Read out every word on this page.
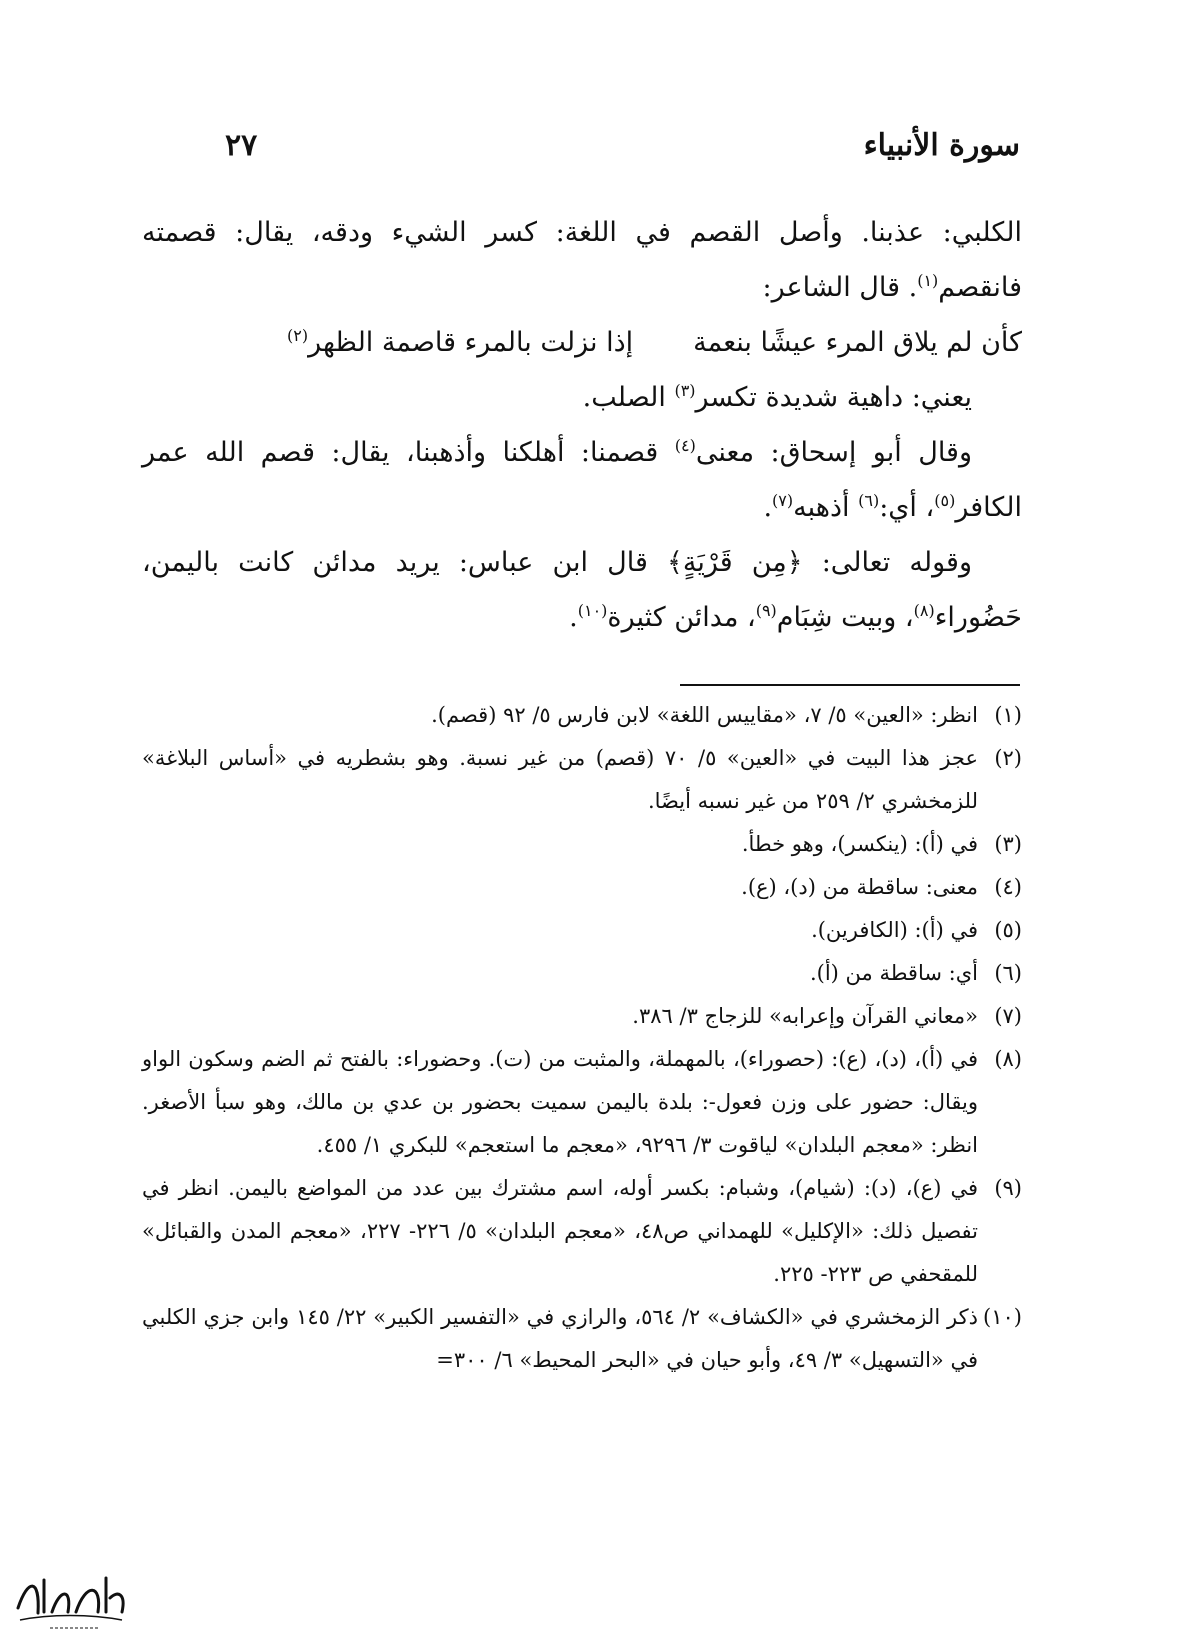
سورة الأنبياء
٢٧

الكلبي: عذبنا. وأصل القصم في اللغة: كسر الشيء ودقه، يقال: قصمته فانقصم$^{(١)}$. قال الشاعر:

كأن لم يلاق المرء عيشًا بنعمةإذا نزلت بالمرء قاصمة الظهر$^{(٢)}$

يعني: داهية شديدة تكسر$^{(٣)}$ الصلب.

وقال أبو إسحاق: معنى$^{(٤)}$ قصمنا: أهلكنا وأذهبنا، يقال: قصم الله عمر الكافر$^{(٥)}$، أي:$^{(٦)}$ أذهبه$^{(٧)}$.

وقوله تعالى: ﴿مِن قَرْيَةٍ﴾ قال ابن عباس: يريد مدائن كانت باليمن، حَضُوراء$^{(٨)}$، وبيت شِبَام$^{(٩)}$، مدائن كثيرة$^{(١٠)}$.

(١)
انظر: «العين» ٥/ ٧، «مقاييس اللغة» لابن فارس ٥/ ٩٢ (قصم).
(٢)
عجز هذا البيت في «العين» ٥/ ٧٠ (قصم) من غير نسبة. وهو بشطريه في «أساس البلاغة» للزمخشري ٢/ ٢٥٩ من غير نسبه أيضًا.
(٣)
في (أ): (ينكسر)، وهو خطأ.
(٤)
معنى: ساقطة من (د)، (ع).
(٥)
في (أ): (الكافرين).
(٦)
أي: ساقطة من (أ).
(٧)
«معاني القرآن وإعرابه» للزجاج ٣/ ٣٨٦.
(٨)
في (أ)، (د)، (ع): (حصوراء)، بالمهملة، والمثبت من (ت). وحضوراء: بالفتح ثم الضم وسكون الواو ويقال: حضور على وزن فعول-: بلدة باليمن سميت بحضور بن عدي بن مالك، وهو سبأ الأصغر. انظر: «معجم البلدان» لياقوت ٣/ ٩٢٩٦، «معجم ما استعجم» للبكري ١/ ٤٥٥.
(٩)
في (ع)، (د): (شيام)، وشبام: بكسر أوله، اسم مشترك بين عدد من المواضع باليمن. انظر في تفصيل ذلك: «الإكليل» للهمداني ص٤٨، «معجم البلدان» ٥/ ٢٢٦- ٢٢٧، «معجم المدن والقبائل» للمقحفي ص ٢٢٣- ٢٢٥.
(١٠)
ذكر الزمخشري في «الكشاف» ٢/ ٥٦٤، والرازي في «التفسير الكبير» ٢٢/ ١٤٥ وابن جزي الكلبي في «التسهيل» ٣/ ٤٩، وأبو حيان في «البحر المحيط» ٦/ ٣٠٠=
